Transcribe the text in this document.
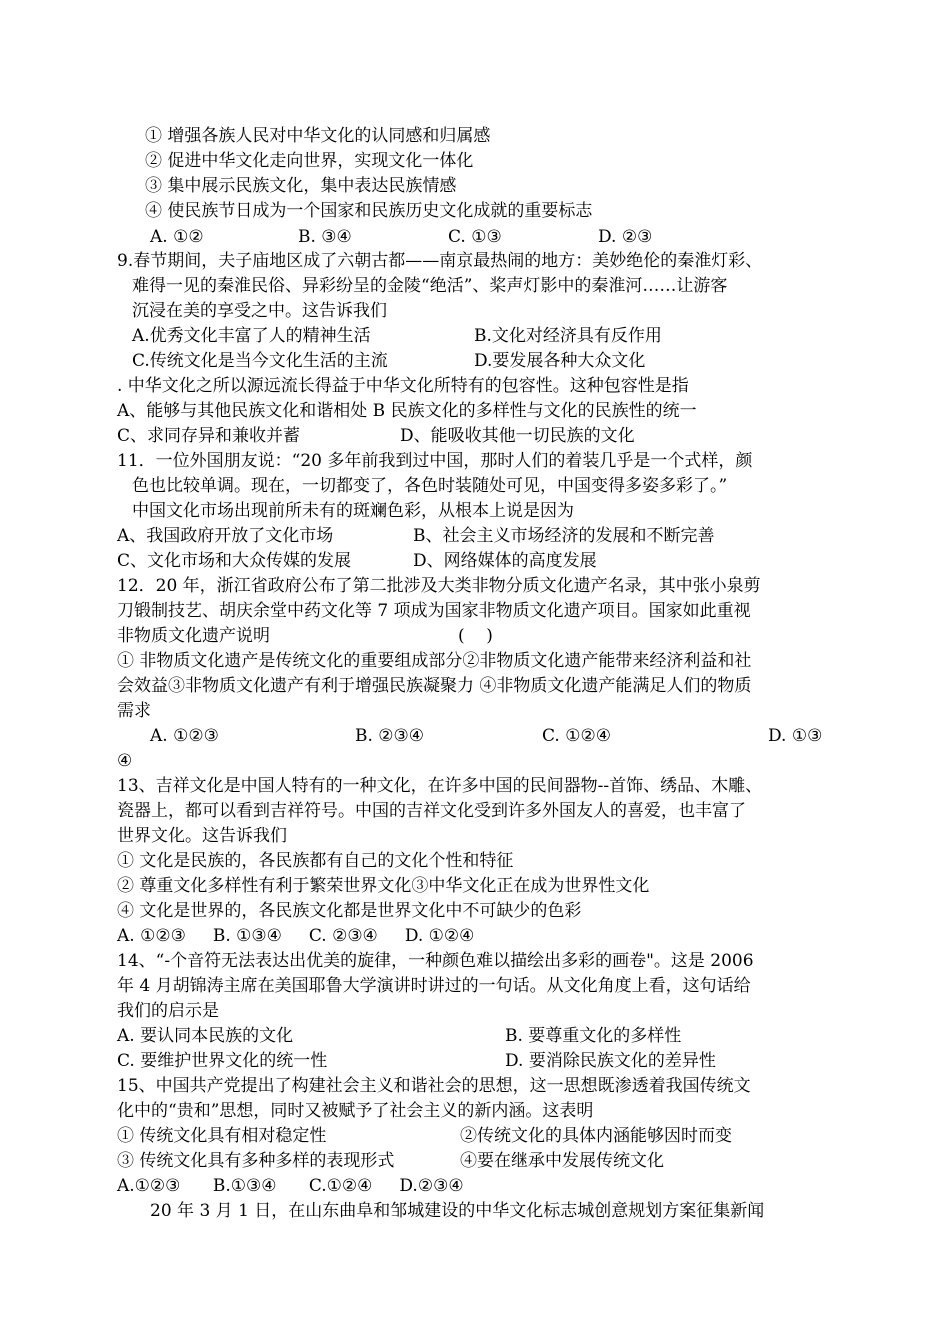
① 增强各族人民对中华文化的认同感和归属感
② 促进中华文化走向世界，实现文化一体化
③ 集中展示民族文化，集中表达民族情感
④ 使民族节日成为一个国家和民族历史文化成就的重要标志
A. ①②	B. ③④	C. ①③	D. ②③
9.春节期间，夫子庙地区成了六朝古都——南京最热闹的地方：美妙绝伦的秦淮灯彩、
难得一见的秦淮民俗、异彩纷呈的金陵“绝活”、桨声灯影中的秦淮河……让游客
沉浸在美的享受之中。这告诉我们
A.优秀文化丰富了人的精神生活	B.文化对经济具有反作用
C.传统文化是当今文化生活的主流	D.要发展各种大众文化
. 中华文化之所以源远流长得益于中华文化所特有的包容性。这种包容性是指
A、能够与其他民族文化和谐相处 B 民族文化的多样性与文化的民族性的统一
C、求同存异和兼收并蓄	D、能吸收其他一切民族的文化
11．一位外国朋友说：“20 多年前我到过中国，那时人们的着装几乎是一个式样，颜
色也比较单调。现在，一切都变了，各色时装随处可见，中国变得多姿多彩了。”
中国文化市场出现前所未有的斑斓色彩，从根本上说是因为
A、我国政府开放了文化市场	B、社会主义市场经济的发展和不断完善
C、文化市场和大众传媒的发展	D、网络媒体的高度发展
12．20 年，浙江省政府公布了第二批涉及大类非物分质文化遗产名录，其中张小泉剪
刀锻制技艺、胡庆余堂中药文化等 7 项成为国家非物质文化遗产项目。国家如此重视
非物质文化遗产说明	(    )
① 非物质文化遗产是传统文化的重要组成部分②非物质文化遗产能带来经济利益和社
会效益③非物质文化遗产有利于增强民族凝聚力 ④非物质文化遗产能满足人们的物质
需求
A. ①②③	B. ②③④	C. ①②④	D. ①③
④
13、吉祥文化是中国人特有的一种文化，在许多中国的民间器物--首饰、绣品、木雕、
瓷器上，都可以看到吉祥符号。中国的吉祥文化受到许多外国友人的喜爱，也丰富了
世界文化。这告诉我们
① 文化是民族的，各民族都有自己的文化个性和特征
② 尊重文化多样性有利于繁荣世界文化③中华文化正在成为世界性文化
④ 文化是世界的，各民族文化都是世界文化中不可缺少的色彩
A. ①②③     B. ①③④     C. ②③④     D. ①②④
14、“-个音符无法表达出优美的旋律，一种颜色难以描绘出多彩的画卷"。这是 2006
年 4 月胡锦涛主席在美国耶鲁大学演讲时讲过的一句话。从文化角度上看，这句话给
我们的启示是
A. 要认同本民族的文化	B. 要尊重文化的多样性
C. 要维护世界文化的统一性	D. 要消除民族文化的差异性
15、中国共产党提出了构建社会主义和谐社会的思想，这一思想既渗透着我国传统文
化中的“贵和”思想，同时又被赋予了社会主义的新内涵。这表明
① 传统文化具有相对稳定性	②传统文化的具体内涵能够因时而变
③ 传统文化具有多种多样的表现形式	④要在继承中发展传统文化
A.①②③      B.①③④      C.①②④     D.②③④
20 年 3 月 1 日，在山东曲阜和邹城建设的中华文化标志城创意规划方案征集新闻
